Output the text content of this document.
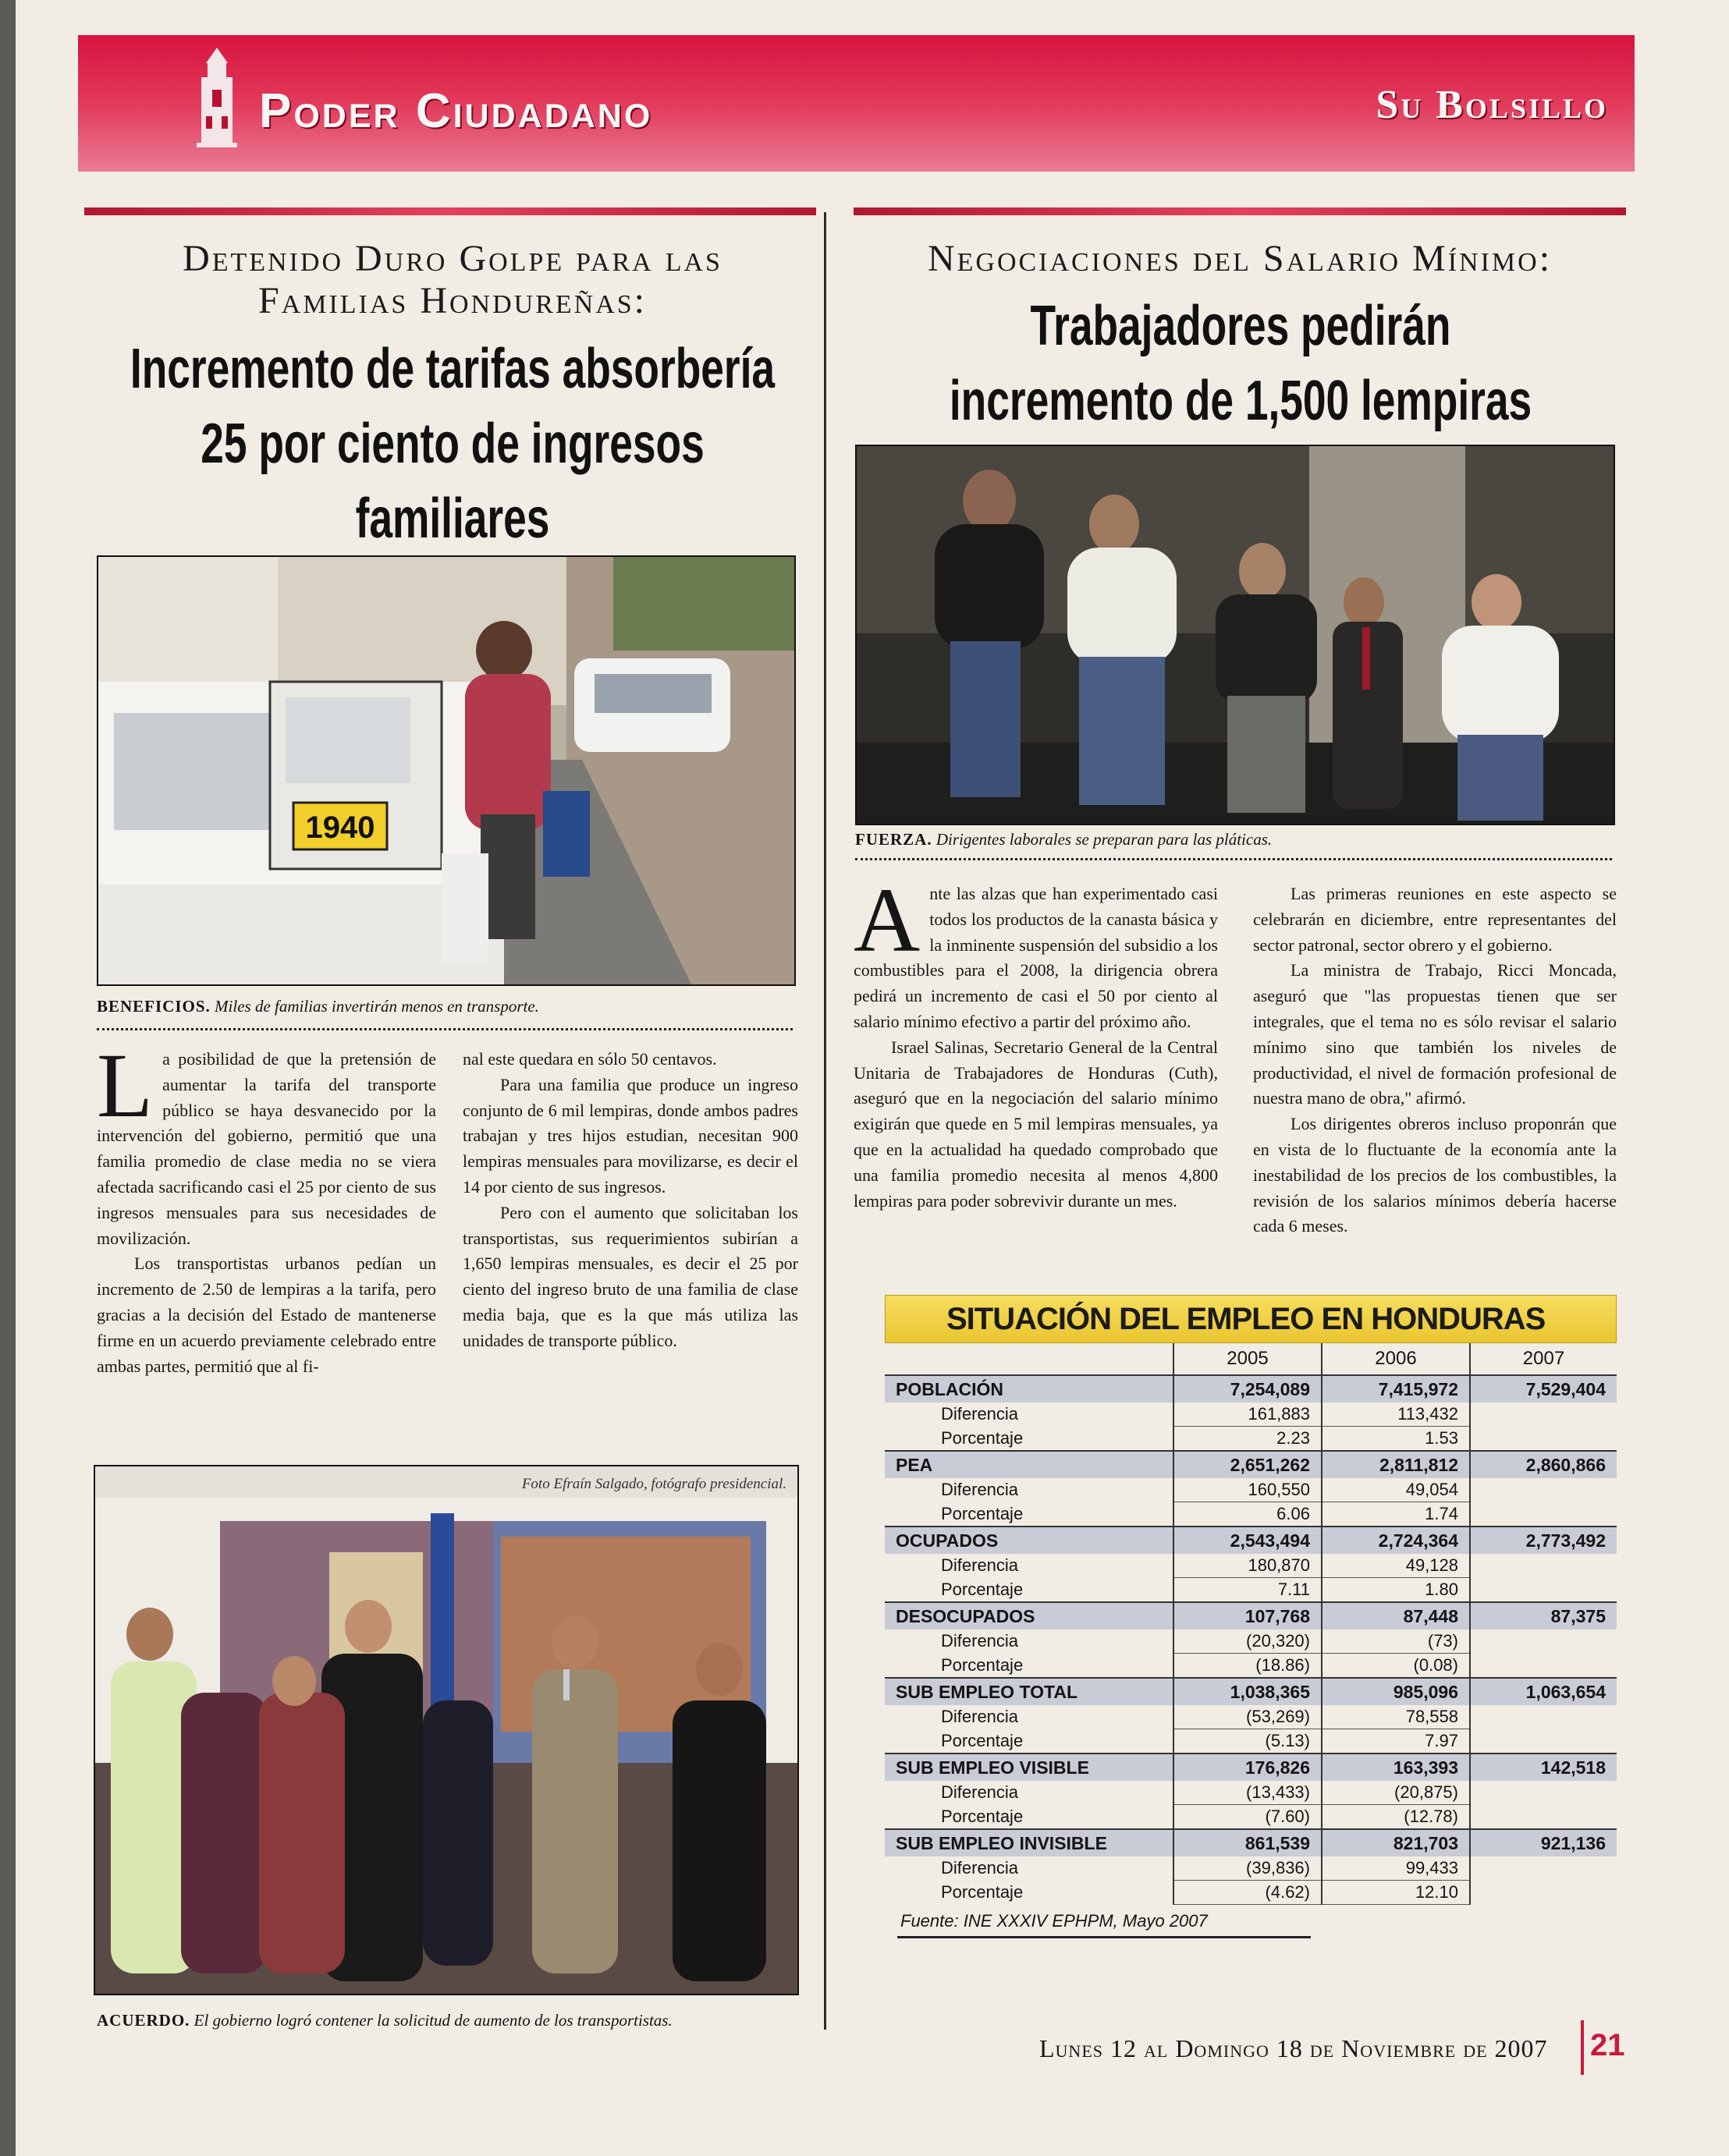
Poder Ciudadano	Su Bolsillo
Detenido Duro Golpe para las Familias Hondureñas:
Incremento de tarifas absorbería 25 por ciento de ingresos familiares
1940
BENEFICIOS. Miles de familias invertirán menos en transporte.

La posibilidad de que la pretensión de aumentar la tarifa del transporte público se haya desvanecido por la intervención del gobierno, permitió que una familia promedio de clase media no se viera afectada sacrificando casi el 25 por ciento de sus ingresos mensuales para sus necesidades de movilización.

Los transportistas urbanos pedían un incremento de 2.50 de lempiras a la tarifa, pero gracias a la decisión del Estado de mantenerse firme en un acuerdo previamente celebrado entre ambas partes, permitió que al fi-

nal este quedara en sólo 50 centavos.

Para una familia que produce un ingreso conjunto de 6 mil lempiras, donde ambos padres trabajan y tres hijos estudian, necesitan 900 lempiras mensuales para movilizarse, es decir el 14 por ciento de sus ingresos.

Pero con el aumento que solicitaban los transportistas, sus requerimientos subirían a 1,650 lempiras mensuales, es decir el 25 por ciento del ingreso bruto de una familia de clase media baja, que es la que más utiliza las unidades de transporte público.

Foto Efraín Salgado, fotógrafo presidencial.
ACUERDO. El gobierno logró contener la solicitud de aumento de los transportistas.
Negociaciones del Salario Mínimo:
Trabajadores pedirán incremento de 1,500 lempiras
FUERZA. Dirigentes laborales se preparan para las pláticas.

Ante las alzas que han experimentado casi todos los productos de la canasta básica y la inminente suspensión del subsidio a los combustibles para el 2008, la dirigencia obrera pedirá un incremento de casi el 50 por ciento al salario mínimo efectivo a partir del próximo año.

Israel Salinas, Secretario General de la Central Unitaria de Trabajadores de Honduras (Cuth), aseguró que en la negociación del salario mínimo exigirán que quede en 5 mil lempiras mensuales, ya que en la actualidad ha quedado comprobado que una familia promedio necesita al menos 4,800 lempiras para poder sobrevivir durante un mes.

Las primeras reuniones en este aspecto se celebrarán en diciembre, entre representantes del sector patronal, sector obrero y el gobierno.

La ministra de Trabajo, Ricci Moncada, aseguró que "las propuestas tienen que ser integrales, que el tema no es sólo revisar el salario mínimo sino que también los niveles de productividad, el nivel de formación profesional de nuestra mano de obra," afirmó.

Los dirigentes obreros incluso proponrán que en vista de lo fluctuante de la economía ante la inestabilidad de los precios de los combustibles, la revisión de los salarios mínimos debería hacerse cada 6 meses.

SITUACIÓN DEL EMPLEO EN HONDURAS
	2005	2006	2007
POBLACIÓN	7,254,089	7,415,972	7,529,404
Diferencia	161,883	113,432	
Porcentaje	2.23	1.53	
PEA	2,651,262	2,811,812	2,860,866
Diferencia	160,550	49,054	
Porcentaje	6.06	1.74	
OCUPADOS	2,543,494	2,724,364	2,773,492
Diferencia	180,870	49,128	
Porcentaje	7.11	1.80	
DESOCUPADOS	107,768	87,448	87,375
Diferencia	(20,320)	(73)	
Porcentaje	(18.86)	(0.08)	
SUB EMPLEO TOTAL	1,038,365	985,096	1,063,654
Diferencia	(53,269)	78,558	
Porcentaje	(5.13)	7.97	
SUB EMPLEO VISIBLE	176,826	163,393	142,518
Diferencia	(13,433)	(20,875)	
Porcentaje	(7.60)	(12.78)	
SUB EMPLEO INVISIBLE	861,539	821,703	921,136
Diferencia	(39,836)	99,433	
Porcentaje	(4.62)	12.10	
Fuente: INE XXXIV EPHPM, Mayo 2007
Lunes 12 al Domingo 18 de Noviembre de 2007 21
